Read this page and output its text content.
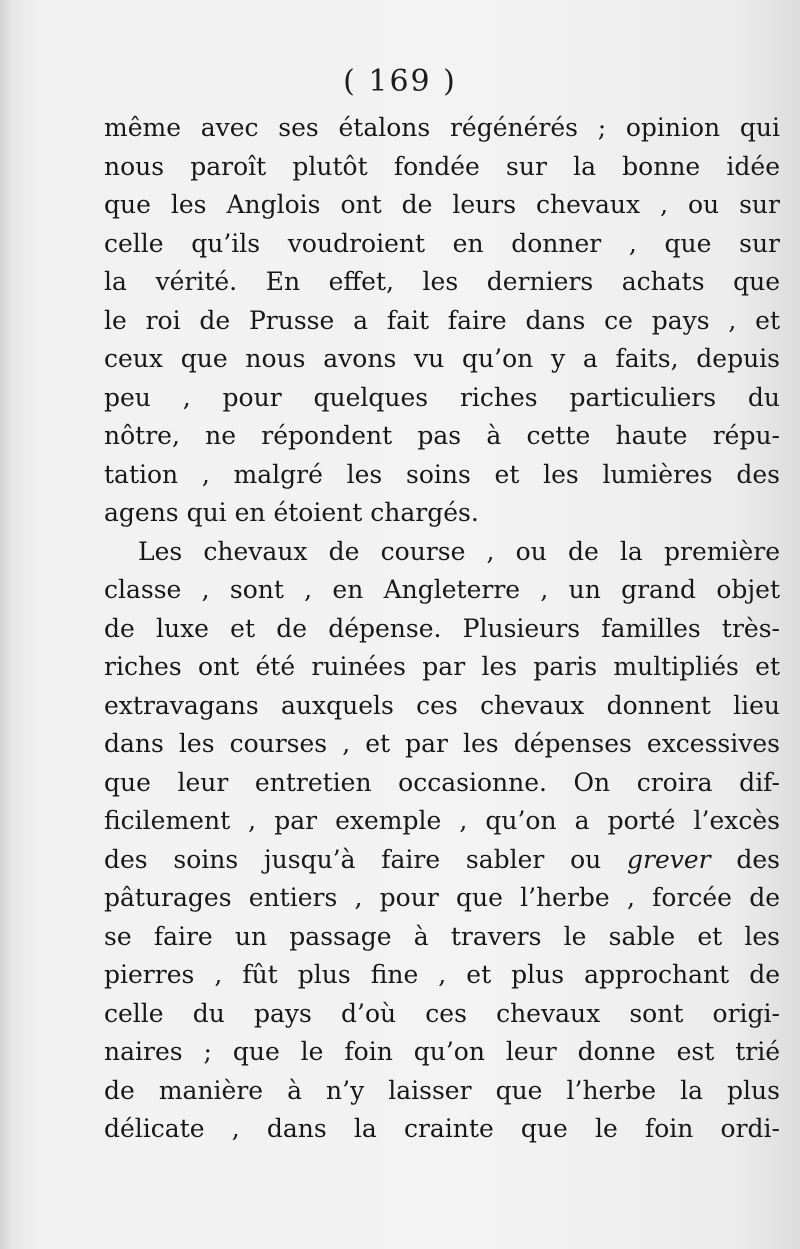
( 169 )
même avec ses étalons régénérés ; opinion qui
nous paroît plutôt fondée sur la bonne idée
que les Anglois ont de leurs chevaux , ou sur
celle qu’ils voudroient en donner , que sur
la vérité. En effet, les derniers achats que
le roi de Prusse a fait faire dans ce pays , et
ceux que nous avons vu qu’on y a faits, depuis
peu , pour quelques riches particuliers du
nôtre, ne répondent pas à cette haute répu-
tation , malgré les soins et les lumières des
agens qui en étoient chargés.
Les chevaux de course , ou de la première
classe , sont , en Angleterre , un grand objet
de luxe et de dépense. Plusieurs familles très-
riches ont été ruinées par les paris multipliés et
extravagans auxquels ces chevaux donnent lieu
dans les courses , et par les dépenses excessives
que leur entretien occasionne. On croira dif-
ficilement , par exemple , qu’on a porté l’excès
des soins jusqu’à faire sabler ou grever des
pâturages entiers , pour que l’herbe , forcée de
se faire un passage à travers le sable et les
pierres , fût plus fine , et plus approchant de
celle du pays d’où ces chevaux sont origi-
naires ; que le foin qu’on leur donne est trié
de manière à n’y laisser que l’herbe la plus
délicate , dans la crainte que le foin ordi-
